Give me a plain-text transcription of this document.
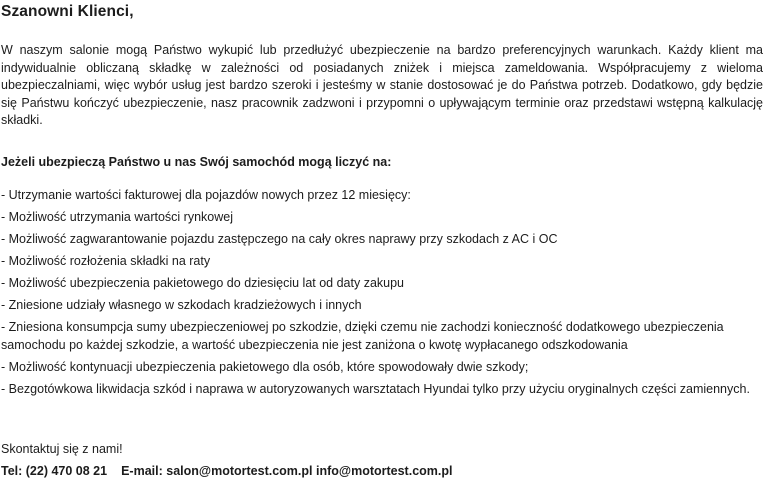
Szanowni Klienci,

W naszym salonie mogą Państwo wykupić lub przedłużyć ubezpieczenie na bardzo preferencyjnych warunkach. Każdy klient ma indywidualnie obliczaną składkę w zależności od posiadanych zniżek i miejsca zameldowania. Współpracujemy z wieloma ubezpieczalniami, więc wybór usług jest bardzo szeroki i jesteśmy w stanie dostosować je do Państwa potrzeb. Dodatkowo, gdy będzie się Państwu kończyć ubezpieczenie, nasz pracownik zadzwoni i przypomni o upływającym terminie oraz przedstawi wstępną kalkulację składki.

Jeżeli ubezpieczą Państwo u nas Swój samochód mogą liczyć na:

- Utrzymanie wartości fakturowej dla pojazdów nowych przez 12 miesięcy:
- Możliwość utrzymania wartości rynkowej
- Możliwość zagwarantowanie pojazdu zastępczego na cały okres naprawy przy szkodach z AC i OC
- Możliwość rozłożenia składki na raty
- Możliwość ubezpieczenia pakietowego do dziesięciu lat od daty zakupu
- Zniesione udziały własnego w szkodach kradzieżowych i innych
- Zniesiona konsumpcja sumy ubezpieczeniowej po szkodzie, dzięki czemu nie zachodzi konieczność dodatkowego ubezpieczenia samochodu po każdej szkodzie, a wartość ubezpieczenia nie jest zaniżona o kwotę wypłacanego odszkodowania
- Możliwość kontynuacji ubezpieczenia pakietowego dla osób, które spowodowały dwie szkody;
- Bezgotówkowa likwidacja szkód i naprawa w autoryzowanych warsztatach Hyundai tylko przy użyciu oryginalnych części zamiennych.

Skontaktuj się z nami!

Tel: (22) 470 08 21 E-mail: salon@motortest.com.pl info@motortest.com.pl
